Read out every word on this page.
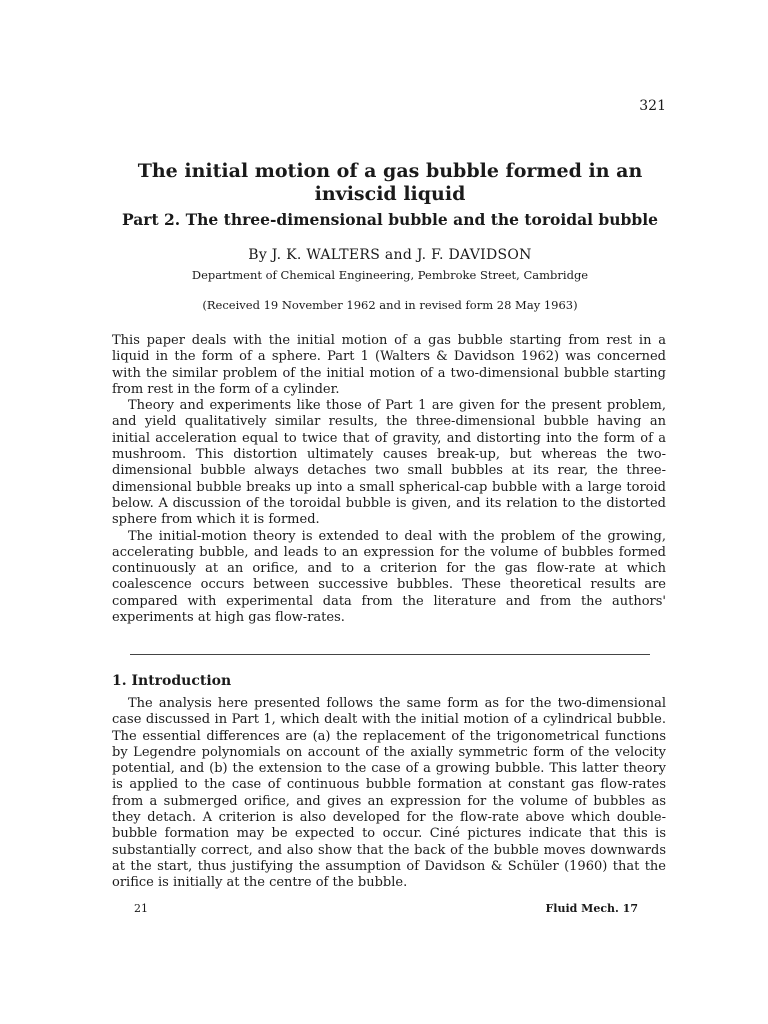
321
The initial motion of a gas bubble formed in an inviscid liquid
Part 2. The three-dimensional bubble and the toroidal bubble
By J. K. WALTERS and J. F. DAVIDSON
Department of Chemical Engineering, Pembroke Street, Cambridge
(Received 19 November 1962 and in revised form 28 May 1963)

This paper deals with the initial motion of a gas bubble starting from rest in a liquid in the form of a sphere. Part 1 (Walters & Davidson 1962) was concerned with the similar problem of the initial motion of a two-dimensional bubble starting from rest in the form of a cylinder.

Theory and experiments like those of Part 1 are given for the present problem, and yield qualitatively similar results, the three-dimensional bubble having an initial acceleration equal to twice that of gravity, and distorting into the form of a mushroom. This distortion ultimately causes break-up, but whereas the two-dimensional bubble always detaches two small bubbles at its rear, the three-dimensional bubble breaks up into a small spherical-cap bubble with a large toroid below. A discussion of the toroidal bubble is given, and its relation to the distorted sphere from which it is formed.

The initial-motion theory is extended to deal with the problem of the growing, accelerating bubble, and leads to an expression for the volume of bubbles formed continuously at an orifice, and to a criterion for the gas flow-rate at which coalescence occurs between successive bubbles. These theoretical results are compared with experimental data from the literature and from the authors' experiments at high gas flow-rates.

1. Introduction

The analysis here presented follows the same form as for the two-dimensional case discussed in Part 1, which dealt with the initial motion of a cylindrical bubble. The essential differences are (a) the replacement of the trigonometrical functions by Legendre polynomials on account of the axially symmetric form of the velocity potential, and (b) the extension to the case of a growing bubble. This latter theory is applied to the case of continuous bubble formation at constant gas flow-rates from a submerged orifice, and gives an expression for the volume of bubbles as they detach. A criterion is also developed for the flow-rate above which double-bubble formation may be expected to occur. Ciné pictures indicate that this is substantially correct, and also show that the back of the bubble moves downwards at the start, thus justifying the assumption of Davidson & Schüler (1960) that the orifice is initially at the centre of the bubble.

21	Fluid Mech. 17
